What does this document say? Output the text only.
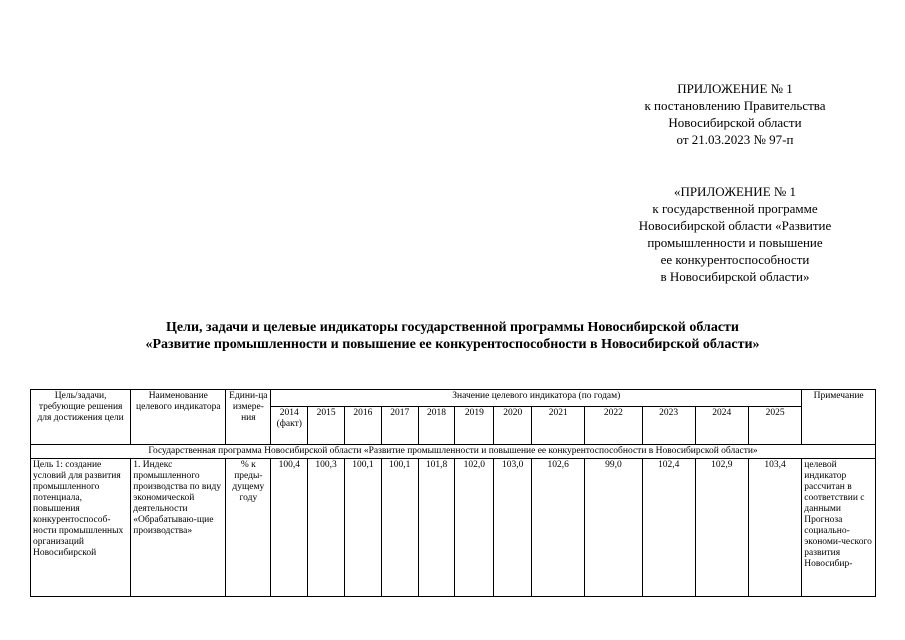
ПРИЛОЖЕНИЕ № 1
к постановлению Правительства
Новосибирской области
от 21.03.2023 № 97-п
«ПРИЛОЖЕНИЕ № 1
к государственной программе
Новосибирской области «Развитие
промышленности и повышение
ее конкурентоспособности
в Новосибирской области»
Цели, задачи и целевые индикаторы государственной программы Новосибирской области
«Развитие промышленности и повышение ее конкурентоспособности в Новосибирской области»
Цель/задачи, требующие решения для достижения цели	Наименование целевого индикатора	Едини-ца измере-ния	Значение целевого индикатора (по годам)												Примечание
			2014 (факт)	2015	2016	2017	2018	2019	2020	2021	2022	2023	2024	2025	
Государственная программа Новосибирской области «Развитие промышленности и повышение ее конкурентоспособности в Новосибирской области»															
Цель 1: создание условий для развития промышленного потенциала, повышения конкурентоспособ-ности промышленных организаций Новосибирской	1. Индекс промышленного производства по виду экономической деятельности «Обрабатываю-щие производства»	% к преды-дущему году	100,4	100,3	100,1	100,1	101,8	102,0	103,0	102,6	99,0	102,4	102,9	103,4	целевой индикатор рассчитан в соответствии с данными Прогноза социально-экономи-ческого развития Новосибир-
